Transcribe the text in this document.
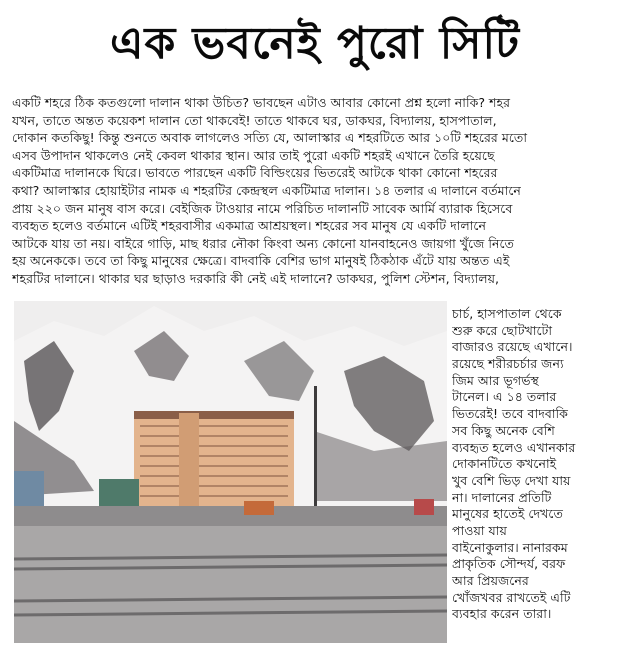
এক ভবনেই পুরো সিটি
একটি শহরে ঠিক কতগুলো দালান থাকা উচিত? ভাবছেন এটাও আবার কোনো প্রশ্ন হলো নাকি? শহর
যখন, তাতে অন্তত কয়েকশ দালান তো থাকবেই! তাতে থাকবে ঘর, ডাকঘর, বিদ্যালয়, হাসপাতাল,
দোকান কতকিছু! কিন্তু শুনতে অবাক লাগলেও সত্যি যে, আলাস্কার এ শহরটিতে আর ১০টি শহরের মতো
এসব উপাদান থাকলেও নেই কেবল থাকার স্থান। আর তাই পুরো একটি শহরই এখানে তৈরি হয়েছে
একটিমাত্র দালানকে ঘিরে। ভাবতে পারছেন একটি বিল্ডিংয়ের ভিতরেই আটকে থাকা কোনো শহরের
কথা? আলাস্কার হোয়াইটার নামক এ শহরটির কেন্দ্রস্থল একটিমাত্র দালান। ১৪ তলার এ দালানে বর্তমানে
প্রায় ২২০ জন মানুষ বাস করে। বেইজিক টাওয়ার নামে পরিচিত দালানটি সাবেক আর্মি ব্যারাক হিসেবে
ব্যবহৃত হলেও বর্তমানে এটিই শহরবাসীর একমাত্র আশ্রয়স্থল। শহরের সব মানুষ যে একটি দালানে
আটকে যায় তা নয়। বাইরে গাড়ি, মাছ ধরার নৌকা কিংবা অন্য কোনো যানবাহনেও জায়গা খুঁজে নিতে
হয় অনেককে। তবে তা কিছু মানুষের ক্ষেত্রে। বাদবাকি বেশির ভাগ মানুষই ঠিকঠাক এঁটে যায় অন্তত এই
শহরটির দালানে। থাকার ঘর ছাড়াও দরকারি কী নেই এই দালানে? ডাকঘর, পুলিশ স্টেশন, বিদ্যালয়,
চার্চ, হাসপাতাল থেকে
শুরু করে ছোটখাটো
বাজারও রয়েছে এখানে।
রয়েছে শরীরচর্চার জন্য
জিম আর ভূগর্ভস্থ
টানেল। এ ১৪ তলার
ভিতরেই! তবে বাদবাকি
সব কিছু অনেক বেশি
ব্যবহৃত হলেও এখানকার
দোকানটিতে কখনোই
খুব বেশি ভিড় দেখা যায়
না। দালানের প্রতিটি
মানুষের হাতেই দেখতে
পাওয়া যায়
বাইনোকুলার। নানারকম
প্রাকৃতিক সৌন্দর্য, বরফ
আর প্রিয়জনের
খোঁজখবর রাখতেই এটি
ব্যবহার করেন তারা।
